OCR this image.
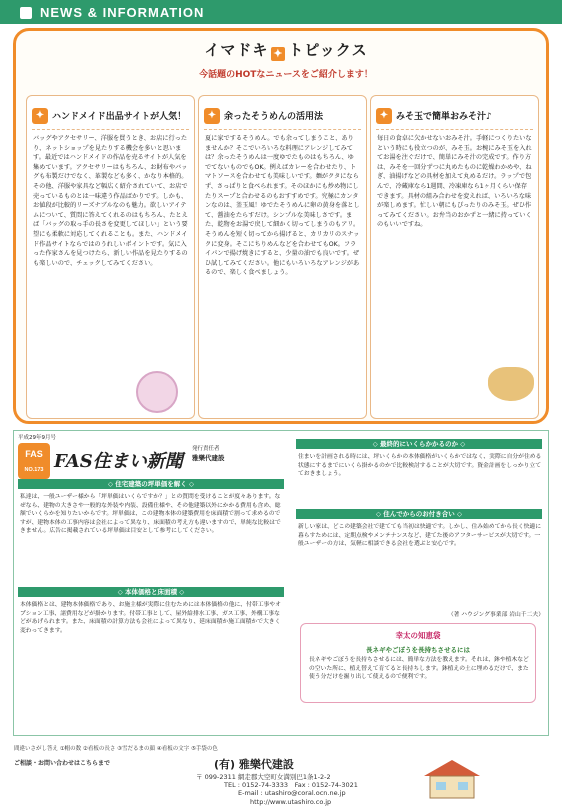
NEWS & INFORMATION
イマドキ ✦ トピックス
今話題のHOTなニュースをご紹介します！
✦ ハンドメイド出品サイトが人気！
バッグやアクセサリー、洋服を買うとき、お店に行ったり、ネットショップを見たりする機会を多いと思います。最近ではハンドメイドの作品を売るサイトが人気を集めています。アクセサリーはもちろん、お財布やバッグも布製だけでなく、革製なども多く、かなり本格的。その他、洋服や家具など幅広く紹介されていて、お店で売っているものとは一味違う作品ばかりです。しかも、お値段が比較的リーズナブルなのも魅力。欲しいアイテムについて、質問に答えてくれるのはもちろん、たとえば「バッグの取っ手の長さを変更してほしい」という要望にも柔軟に対応してくれることも。また、ハンドメイド作品サイトならではのうれしいポイントです。気に入った作家さんを見つけたら、新しい作品を見たりするのも楽しいので、チェックしてみてください。
✦ 余ったそうめんの活用法
夏に家でするそうめん。でも余ってしまうこと、ありませんか？そこでいろいろな料理にアレンジしてみては？余ったそうめんは一度ゆでたものはもちろん、ゆでてないものでもOK。例えばカレーを合わせたり、トマトソースを合わせても美味しいです。麺がクタにならず、さっぱりと食べられます。そのほかにも炒め物にしたりスープと合わせるのもおすすめです。究極にカンタンなのは、釜玉風！ゆでたそうめんに卵の黄身を落として、醤油をたらすだけ。シンプルな美味しさです。また、乾物をお湯で戻して細かく切ってしまうのもアリ。そうめんを短く切ってから揚げると、カリカリのスナックに変身。そこにちりめんなどを合わせてもOK。フライパンで揚げ焼きにすると、少量の油でも良いです。ぜひ試してみてください。他にもいろいろなアレンジがあるので、楽しく食べましょう。
✦ みそ玉で簡単おみそ汁♪
毎日の食卓に欠かせないおみそ汁。手軽につくりたいなという時にも役立つのが、みそ玉。お椀にみそ玉を入れてお湯を注ぐだけで、簡単にみそ汁の完成です。作り方は、みそを一回分ずつに丸めたものに乾燥わかめや、ねぎ、油揚げなどの具材を加えて丸めるだけ。ラップで包んで、冷蔵庫なら1週間、冷凍庫なら1ヶ月くらい保存できます。具材の組み合わせを変えれば、いろいろな味が楽しめます。忙しい朝にもぴったりのみそ玉。ぜひ作ってみてください。お弁当のおかずと一緒に持っていくのもいいですね。
平成29年9月号
FAS
NO.173 FAS住まい新聞
発行責任者
雅樂代建設
◇ 住宅建築の坪単価を解く ◇
私達は、一般ユーザー様から「坪単価はいくらですか？」との質問を受けることが度々あります。なぜなら、建物の大きさや一般的な外装や内装、設備仕様や、その他建築以外にかかる費用も含め、総額でいくらかを知りたいからです。坪単価は、この建物本体の建築費用を床面積で割って求めるのですが、建物本体の工事内容は会社によって異なり、床面積の考え方も違いますので、単純な比較はできません。広告に掲載されている坪単価は目安として参考にしてください。
◇ 本体価格と床面積 ◇
本体価格とは、建物本体価格であり、お施主様が実際に住むためには本体価格の他に、付帯工事やオプション工事、諸費用などが掛かります。付帯工事として、屋外給排水工事、ガス工事、外構工事などがあげられます。また、床面積の計算方法も会社によって異なり、延床面積か施工面積かで大きく変わってきます。
◇ 最終的にいくらかかるのか ◇
住まいを計画される時には、坪いくらかの本体価格がいくらかではなく、実際に自分が住める状態にするまでにいくら掛かるのかで比較検討することが大切です。資金計画をしっかり立てておきましょう。
◇ 住んでからのお付き合い ◇
新しい家は、どこの建築会社で建てても当初は快適です。しかし、住み始めてから長く快適に暮らすためには、定期点検やメンテナンスなど、建てた後のアフターサービスが大切です。一般ユーザーの方は、気軽に相談できる会社を選ぶと安心です。
（著 ハウジング事業部 岩山千二夫）
幸太の知恵袋
長ネギやごぼうを長持ちさせるには
長ネギやごぼうを長持ちさせるには、簡単な方法を教えます。それは、鉢や植木などの空いた所に、植え替えて育てると長持ちします。鉢植えの土に埋めるだけで、また使う分だけを掘り出して使えるので便利です。
間違いさがし答え ①帽の数 ②看板の長さ ③雪だるまの顔 ④看板の文字 ⑤手袋の色
ご相談・お問い合わせはこちらまで	(有) 雅樂代建設
〒 099-2311 網走郡大空町女満別巴1条1-2-2
TEL : 0152-74-3333　 Fax : 0152-74-3021
E-mail : utashiro@coral.ocn.ne.jp
http://www.utashiro.co.jp
